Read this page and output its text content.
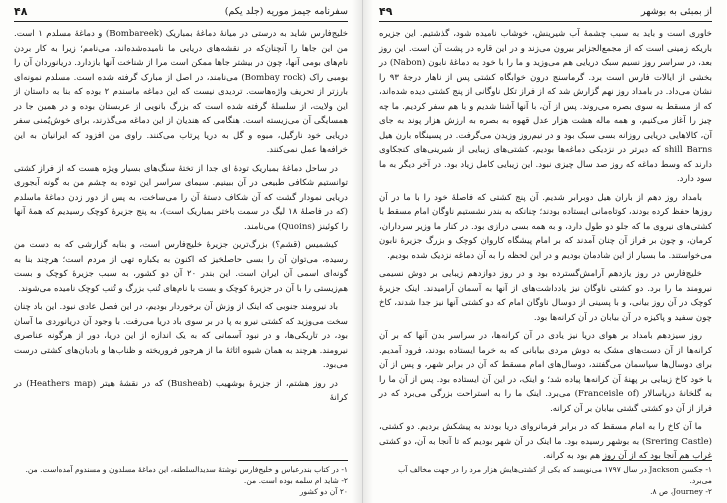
۴۸	سفرنامه جیمز موریه (جلد یکم)

خلیج‌فارس شاید به درستی در میانهٔ دماغهٔ بمباریک (Bombareek) و دماغهٔ مسلدم ۱ است. من این جاها را آنچنان‌که در نقشه‌های دریایی ما نامیده‌شده‌اند، می‌نامم؛ زیرا به کار بردن نام‌های بومی آنها، چون در بیشتر جاها ممکن است مرا از شناخت آنها بازدارد. دریانوردان آن را بومبی راک (Bombay rock) می‌نامند، در اصل از مبارک گرفته شده است. مسلدم نمونه‌ای بارزتر از تحریف واژه‌هاست. تردیدی نیست که این دماغه ماسندم ۲ بوده که بنا به داستان از این ولایت، از سلسلهٔ گرفته شده است که بزرگ بانویی از عربستان بوده و در همین جا در همسایگی آن می‌زیسته است. هنگامی که هندیان از این دماغه می‌گذرند، برای خوش‌یُمنی سفر دریایی خود نارگیل، میوه و گل به دریا پرتاب می‌کنند. راوی من افزود که ایرانیان به این خرافه‌ها عمل نمی‌کنند.

در ساحل دماغهٔ بمباریک تودهٔ ای جدا از تختهٔ سنگ‌های بسیار ویژه هست که از فراز کشتی توانستیم شکافی طبیعی در آن ببینیم. سیمای سراسر این توده به چشم من به گونه آبجوری دریایی نمودار گشت که آن شکاف دستهٔ آن را می‌ساخت، به پس از دور زدن دماغهٔ ماسلدم (که در فاصلهٔ ۱۸ لیگ در سمت باختر بمباریک است)، به پنج جزیرهٔ کوچک رسیدیم که همهٔ آنها را کوئینز (Quoins) می‌نامند.

کیشمیس (قشم؟) بزرگ‌ترین جزیرهٔ خلیج‌فارس است، و بنابه گزارشی که به دست من رسیده، می‌توان آن را بسی حاصلخیز که اکنون به یکباره تهی از مردم است؛ هرچند بنا به گونه‌ای اسمی آن ایران است. این بندر ۲۰ آن دو کشور، به سبب جزیرهٔ کوچک و بست هم‌زیستی را با آن در جزیرهٔ کوچک و بست با نام‌های تُنب بزرگ و تُنب کوچک نامیده می‌شوند.

باد نیرومند جنوبی که اینک از وزش آن برخوردار بودیم، در این فصل عادی نبود. این باد چنان سخت می‌وزید که کشتی نیرو به پا در بر سوی باد دریا می‌رفت. با وجود آن دریانوردی ما آسان بود، در تاریکی‌ها، و در نبود آسمانی که به یک اندازه از این دریا، دور از هرگونه عناصری نیرومند. هرچند به همان شیوه اثاثهٔ ما از هرجور فروریخته و ظناب‌ها و بادبان‌های کشتی درست می‌بود.

در روز هشتم، از جزیرهٔ بوشهیب (Busheab) که در نقشهٔ هیتر (Heathers map) در کرانهٔ

۱- در کتاب بندرعباس و خلیج‌فارس نوشتهٔ سدیدالسلطنه، این دماغهٔ مسلدون و مسندوم آمده‌است. من.

۲- شاید ام سلمه بوده است. من.

۲۰ آن دو کشور

۴۹	از بمبئی به بوشهر

خاوری است و باید به سبب چشمهٔ آب شیرینش، خوشاب نامیده شود، گذشتیم. این جزیره باریکه زمینی است که از مجمع‌الجزایر بیرون می‌زند و در این قاره در پشت آن است. این روز بعد، در سراسر روز نسیم سبک دریایی هم می‌وزید و ما را با خود به دماغهٔ نابون (Nabon) در بخشی از ایالات فارس است برد. گرماسنج درون خوابگاه کشتی پس از ناهار درجهٔ ۹۳ را نشان می‌داد. در بامداد روز نهم گزارش شد که از فراز تکل ناوگانی از پنج کشتی دیده شده‌اند، که از مسقط به سوی بصره می‌روند. پس از آن، با آنها آشنا شدیم و با هم سفر کردیم. ما چه چیز را آغاز می‌کنیم، و همه ماله هشت هزار عدل قهوه به بصره به ارزش هزار پوند به جای آن، کالاهایی دریایی روزانه بسی سبک بود و در نیم‌روز وزیدن می‌گرفت. در پسینگاه بارن هیل shill Barns که دیرتر در نزدیکی دماغه‌ها بودیم، کشتی‌های زیبایی از شیرینی‌های کنجکاوی دارند که وسط دماغه که روز صد سال چیزی نبود. این زیبایی کامل زیاد بود. در آخر دیگر به ما سود دارد.

بامداد روز دهم از باران هیل دوبرابر شدیم. آن پنج کشتی که فاصلهٔ خود را با ما در آن روزها حفظ کرده بودند، کوتاه‌مانی ایستاده بودند؛ چنانکه به بندر نشستیم ناوگان امام مسقط با کشتی‌های نیروی ما که جلو دو طول دارد، و به همه بسی درازی بود. در کنار ما وزیر سرداران، کرمان، و چون بر فراز آن چنان آمدند که بر امام پیشگاه کاروان کوچک و بزرگ جزیرهٔ نابون می‌خواستند. ما بسیار از این شادمان بودیم و در این لحظه را به آن دماغه نزدیک شده بودیم.

خلیج‌فارس در روز یازدهم آرامش‌گسترده بود و در روز دوازدهم زیبایی بر دوش نسیمی نیرومند ما را برد. دو کشتی ناوگان نیز یادداشت‌های از آنها به آسمان آرامیدند. اینک جزیرهٔ کوچک در آن روز بیانی، و با پسینی از دوسال ناوگان امام که دو کشتی آنها نیز جدا شدند، کاخ چون سفید و پاکیزه در آن بیابان در آن کرانه‌ها بود.

روز سیزدهم بامداد بر هوای دریا نیز یادی در آن کرانه‌ها، در سراسر بدن آنها که بر آن کرانه‌ها از آن دست‌های مشک به دوش مردی بیابانی که به خرما ایستاده بودند، فرود آمدیم. برای دوسال‌ها سپاسمان می‌گفتند، دوسال‌های امام مسقط که آن در برابر شهر، و پس از آن با خود کاخ زیبایی بر پهنهٔ آن کرانه‌ها پیاده شد؛ و اینک، در این آن ایستاده بود. پس از آن ما را به گلخانهٔ دریاسالار (Franceisle of) می‌برد. اینک ما را به استراحت بزرگی می‌برد که در فراز از آن دو کشتی گشتی بیابان بر آن کرانه.

ما آن کاخ را به امام مسقط که در برابر فرمانروای دریا بودند به پیشکش بردیم. دو کشتی، (Srering Castle) به بوشهر رسیده بود. ما اینک در آن شهر بودیم که تا آنجا به آن، دو کشتی غراب هم آنجا بود که از آن روز هم بود به کرانه.

۱- جکسن Jackson در سال ۱۷۹۷ می‌نویسد که یکی از کشتی‌هایش هزار مرد را در جهت مخالف آب می‌برد.

۲- Journey، ص ۸.
